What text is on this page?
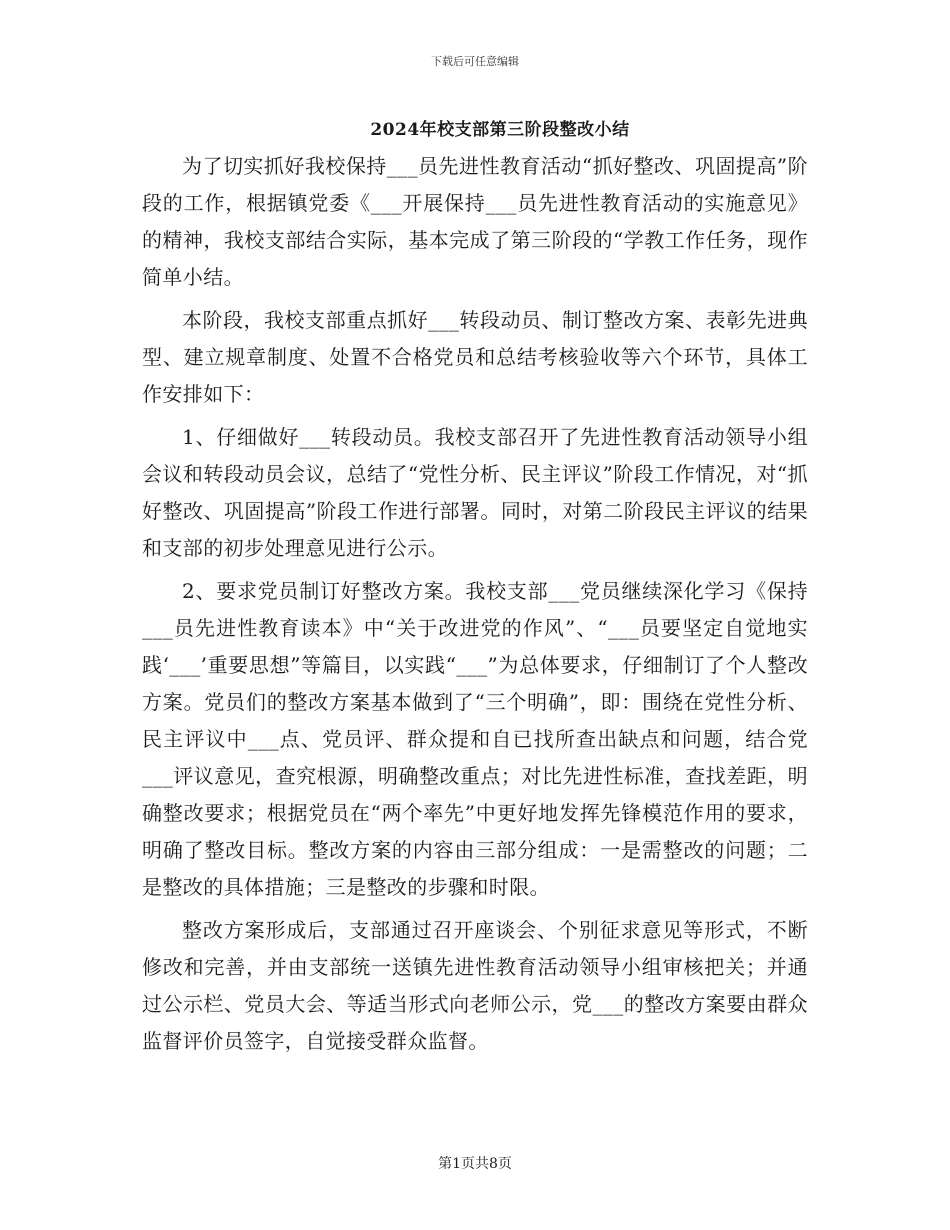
下载后可任意编辑
2024年校支部第三阶段整改小结

为了切实抓好我校保持___员先进性教育活动“抓好整改、巩固提高”阶段的工作，根据镇党委《___开展保持___员先进性教育活动的实施意见》的精神，我校支部结合实际，基本完成了第三阶段的“学教工作任务，现作简单小结。

本阶段，我校支部重点抓好___转段动员、制订整改方案、表彰先进典型、建立规章制度、处置不合格党员和总结考核验收等六个环节，具体工作安排如下：

1、仔细做好___转段动员。我校支部召开了先进性教育活动领导小组会议和转段动员会议，总结了“党性分析、民主评议”阶段工作情况，对“抓好整改、巩固提高”阶段工作进行部署。同时，对第二阶段民主评议的结果和支部的初步处理意见进行公示。

2、要求党员制订好整改方案。我校支部___党员继续深化学习《保持___员先进性教育读本》中“关于改进党的作风”、“___员要坚定自觉地实践‘___’重要思想”等篇目，以实践“___”为总体要求，仔细制订了个人整改方案。党员们的整改方案基本做到了“三个明确”，即：围绕在党性分析、民主评议中___点、党员评、群众提和自已找所查出缺点和问题，结合党___评议意见，查究根源，明确整改重点；对比先进性标准，查找差距，明确整改要求；根据党员在“两个率先”中更好地发挥先锋模范作用的要求，明确了整改目标。整改方案的内容由三部分组成：一是需整改的问题；二是整改的具体措施；三是整改的步骤和时限。

整改方案形成后，支部通过召开座谈会、个别征求意见等形式，不断修改和完善，并由支部统一送镇先进性教育活动领导小组审核把关；并通过公示栏、党员大会、等适当形式向老师公示，党___的整改方案要由群众监督评价员签字，自觉接受群众监督。

第1页共8页
